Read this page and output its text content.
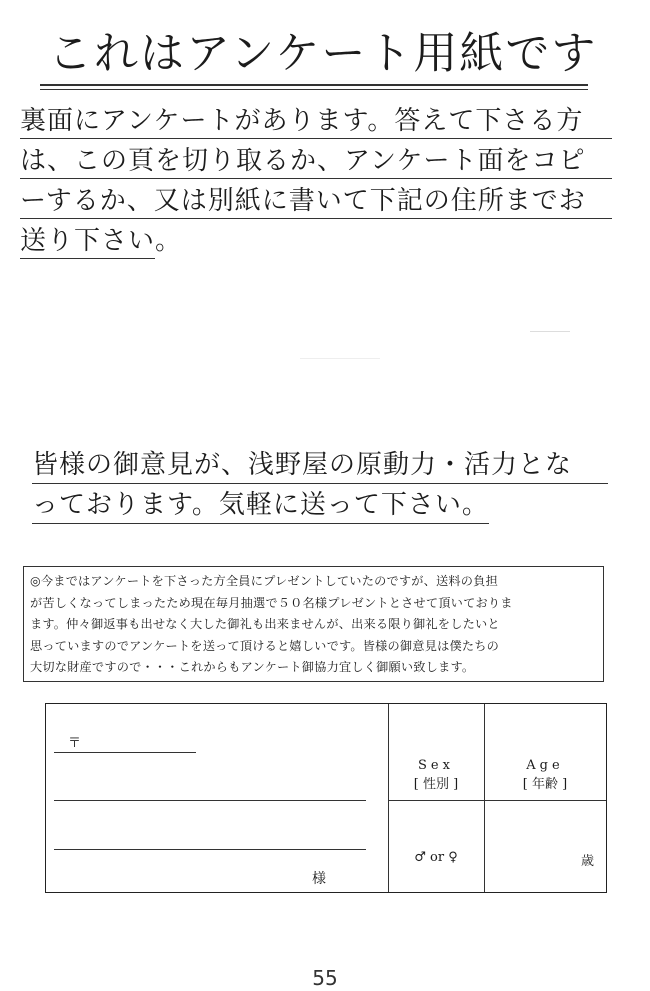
これはアンケート用紙です
裏面にアンケートがあります。答えて下さる方
は、この頁を切り取るか、アンケート面をコピ
ーするか、又は別紙に書いて下記の住所までお
送り下さい。
皆様の御意見が、浅野屋の原動力・活力とな
っております。気軽に送って下さい。

◎今まではアンケートを下さった方全員にプレゼントしていたのですが、送料の負担

が苦しくなってしまったため現在毎月抽選で５０名様プレゼントとさせて頂いておりま

ます。仲々御返事も出せなく大した御礼も出来ませんが、出来る限り御礼をしたいと

思っていますのでアンケートを送って頂けると嬉しいです。皆様の御意見は僕たちの

大切な財産ですので・・・これからもアンケート御協力宜しく御願い致します。

〒
様
Sex
[ 性別 ]
Age
[ 年齢 ]
♂ or ♀	歳
55
